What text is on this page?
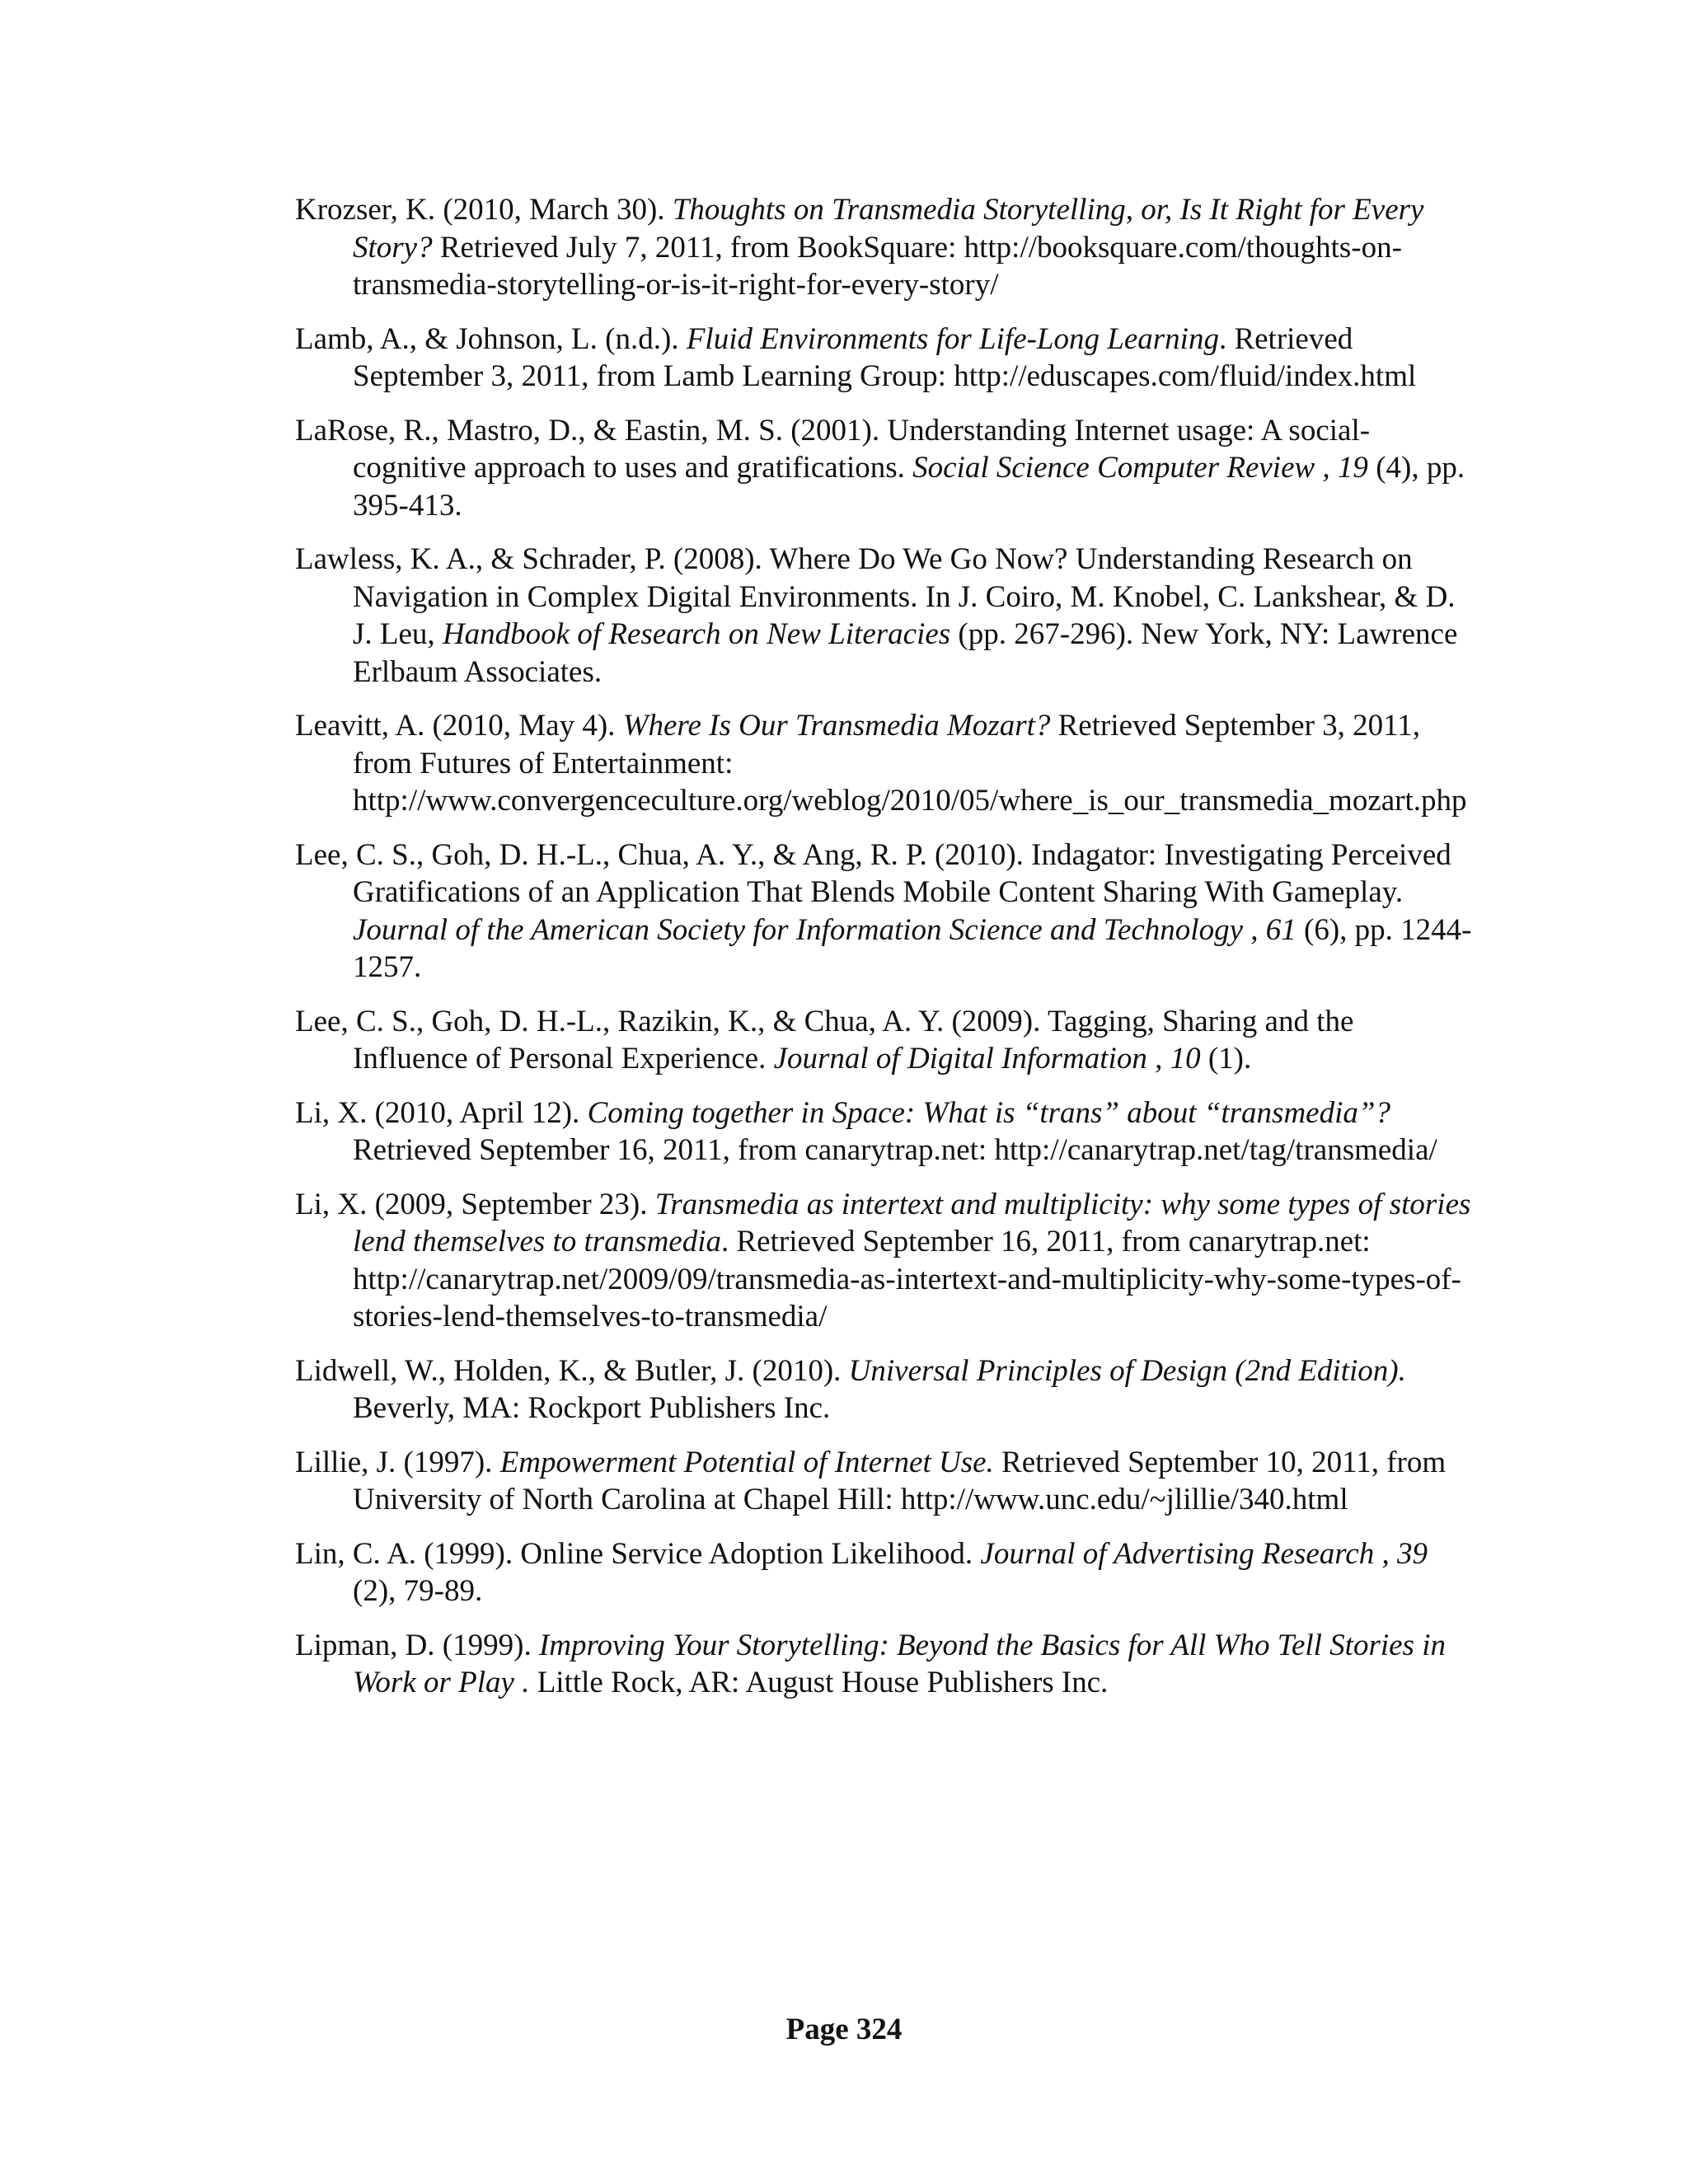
Krozser, K. (2010, March 30). Thoughts on Transmedia Storytelling, or, Is It Right for Every Story? Retrieved July 7, 2011, from BookSquare: http://booksquare.com/thoughts-on-transmedia-storytelling-or-is-it-right-for-every-story/

Lamb, A., & Johnson, L. (n.d.). Fluid Environments for Life-Long Learning. Retrieved September 3, 2011, from Lamb Learning Group: http://eduscapes.com/fluid/index.html

LaRose, R., Mastro, D., & Eastin, M. S. (2001). Understanding Internet usage: A social-cognitive approach to uses and gratifications. Social Science Computer Review , 19 (4), pp. 395-413.

Lawless, K. A., & Schrader, P. (2008). Where Do We Go Now? Understanding Research on Navigation in Complex Digital Environments. In J. Coiro, M. Knobel, C. Lankshear, & D. J. Leu, Handbook of Research on New Literacies (pp. 267-296). New York, NY: Lawrence Erlbaum Associates.

Leavitt, A. (2010, May 4). Where Is Our Transmedia Mozart? Retrieved September 3, 2011, from Futures of Entertainment: http://www.convergenceculture.org/weblog/2010/05/where_is_our_transmedia_mozart.php

Lee, C. S., Goh, D. H.-L., Chua, A. Y., & Ang, R. P. (2010). Indagator: Investigating Perceived Gratifications of an Application That Blends Mobile Content Sharing With Gameplay. Journal of the American Society for Information Science and Technology , 61 (6), pp. 1244-1257.

Lee, C. S., Goh, D. H.-L., Razikin, K., & Chua, A. Y. (2009). Tagging, Sharing and the Influence of Personal Experience. Journal of Digital Information , 10 (1).

Li, X. (2010, April 12). Coming together in Space: What is “trans” about “transmedia”? Retrieved September 16, 2011, from canarytrap.net: http://canarytrap.net/tag/transmedia/

Li, X. (2009, September 23). Transmedia as intertext and multiplicity: why some types of stories lend themselves to transmedia. Retrieved September 16, 2011, from canarytrap.net: http://canarytrap.net/2009/09/transmedia-as-intertext-and-multiplicity-why-some-types-of-stories-lend-themselves-to-transmedia/

Lidwell, W., Holden, K., & Butler, J. (2010). Universal Principles of Design (2nd Edition). Beverly, MA: Rockport Publishers Inc.

Lillie, J. (1997). Empowerment Potential of Internet Use. Retrieved September 10, 2011, from University of North Carolina at Chapel Hill: http://www.unc.edu/~jlillie/340.html

Lin, C. A. (1999). Online Service Adoption Likelihood. Journal of Advertising Research , 39 (2), 79-89.

Lipman, D. (1999). Improving Your Storytelling: Beyond the Basics for All Who Tell Stories in Work or Play . Little Rock, AR: August House Publishers Inc.

Page 324
